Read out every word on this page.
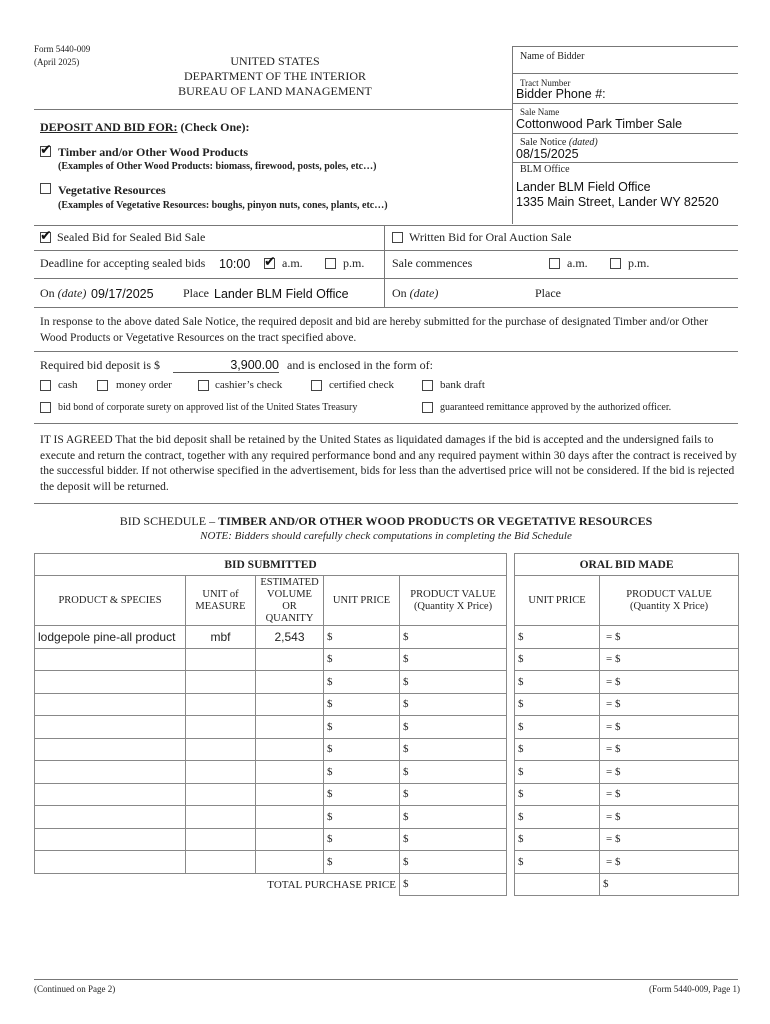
Form 5440-009
(April 2025)	UNITED STATES
DEPARTMENT OF THE INTERIOR
BUREAU OF LAND MANAGEMENT
Name of Bidder
Tract Number
Bidder Phone #:
Sale Name
Cottonwood Park Timber Sale
Sale Notice (dated)
08/15/2025
BLM Office
Lander BLM Field Office
1335 Main Street, Lander WY 82520
DEPOSIT AND BID FOR: (Check One):
✔
Timber and/or Other Wood Products
(Examples of Other Wood Products: biomass, firewood, posts, poles, etc…)
Vegetative Resources
(Examples of Vegetative Resources: boughs, pinyon nuts, cones, plants, etc…)
✔
Sealed Bid for Sealed Bid Sale	Written Bid for Oral Auction Sale
Deadline for accepting sealed bids 10:00 ✔	a.m.	p.m. Sale commences	a.m.	p.m.
On (date) 09/17/2025 Place Lander BLM Field Office	On (date)	Place
In response to the above dated Sale Notice, the required deposit and bid are hereby submitted for the purchase of designated Timber and/or Other Wood Products or Vegetative Resources on the tract specified above.
Required bid deposit is $	3,900.00 and is enclosed in the form of:
cash	money order	cashier’s check	certified check	bank draft
bid bond of corporate surety on approved list of the United States Treasury	guaranteed remittance approved by the authorized officer.
IT IS AGREED That the bid deposit shall be retained by the United States as liquidated damages if the bid is accepted and the undersigned fails to execute and return the contract, together with any required performance bond and any required payment within 30 days after the contract is received by the successful bidder. If not otherwise specified in the advertisement, bids for less than the advertised price will not be considered. If the bid is rejected the deposit will be returned.
BID SCHEDULE – TIMBER AND/OR OTHER WOOD PRODUCTS OR VEGETATIVE RESOURCES
NOTE: Bidders should carefully check computations in completing the Bid Schedule
BID SUBMITTED						ORAL BID MADE	
PRODUCT & SPECIES	UNIT of MEASURE	ESTIMATED VOLUME OR QUANITY	UNIT PRICE	PRODUCT VALUE
(Quantity X Price)		UNIT PRICE	PRODUCT VALUE
(Quantity X Price)
lodgepole pine-all product	mbf	2,543	$	$		$	= $
			$	$		$	= $
			$	$		$	= $
			$	$		$	= $
			$	$		$	= $
			$	$		$	= $
			$	$		$	= $
			$	$		$	= $
			$	$		$	= $
			$	$		$	= $
			$	$		$	= $
TOTAL PURCHASE PRICE				$			$
(Continued on Page 2)	(Form 5440-009, Page 1)
